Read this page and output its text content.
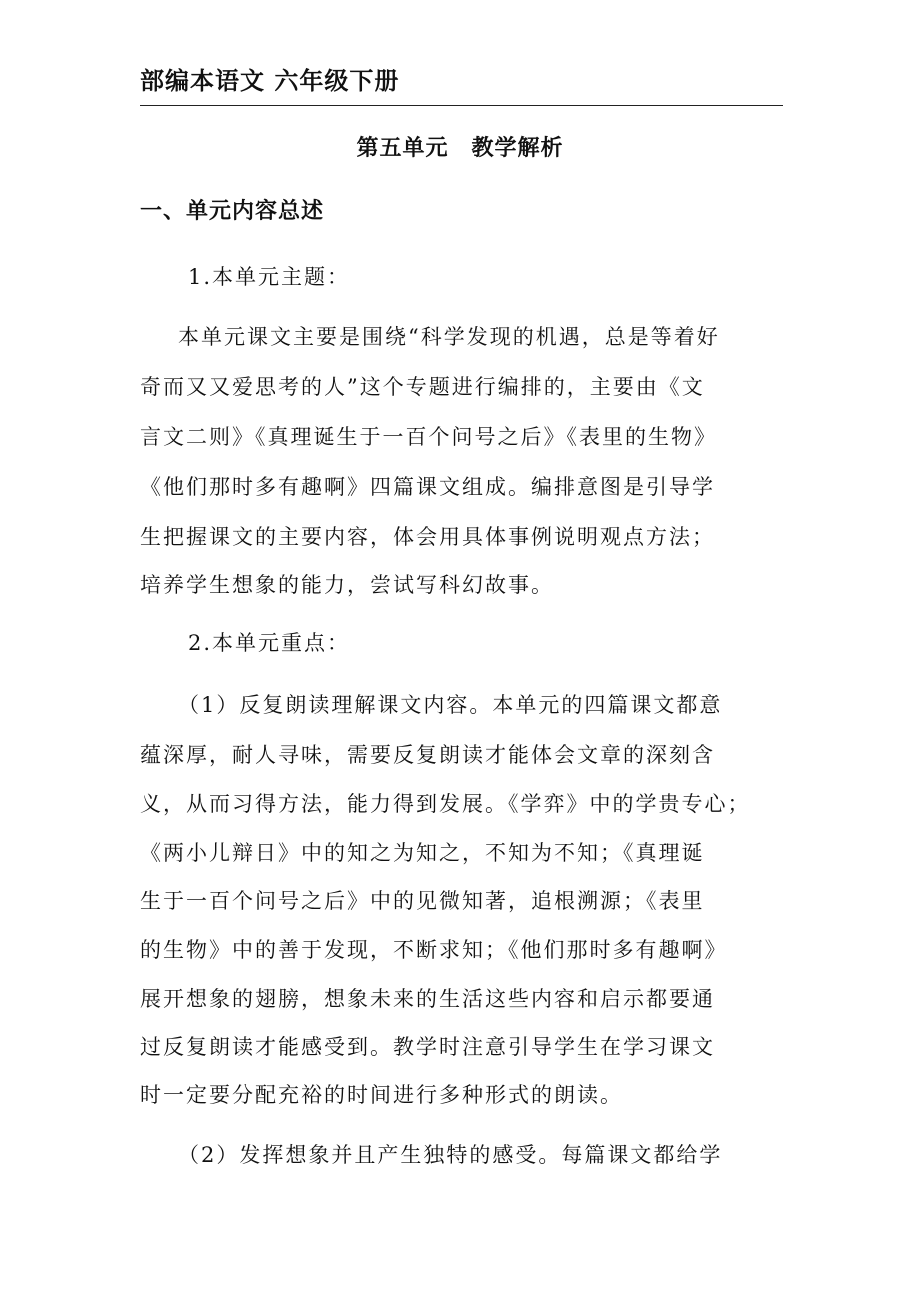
部编本语文 六年级下册
第五单元　教学解析
一、单元内容总述
1.本单元主题：
本单元课文主要是围绕“科学发现的机遇，总是等着好
奇而又又爱思考的人”这个专题进行编排的，主要由《文
言文二则》《真理诞生于一百个问号之后》《表里的生物》
《他们那时多有趣啊》四篇课文组成。编排意图是引导学
生把握课文的主要内容，体会用具体事例说明观点方法；
培养学生想象的能力，尝试写科幻故事。
2.本单元重点：
（1）反复朗读理解课文内容。本单元的四篇课文都意
蕴深厚，耐人寻味，需要反复朗读才能体会文章的深刻含
义，从而习得方法，能力得到发展。《学弈》中的学贵专心；
《两小儿辩日》中的知之为知之，不知为不知；《真理诞
生于一百个问号之后》中的见微知著，追根溯源；《表里
的生物》中的善于发现，不断求知；《他们那时多有趣啊》
展开想象的翅膀，想象未来的生活这些内容和启示都要通
过反复朗读才能感受到。教学时注意引导学生在学习课文
时一定要分配充裕的时间进行多种形式的朗读。
（2）发挥想象并且产生独特的感受。每篇课文都给学
